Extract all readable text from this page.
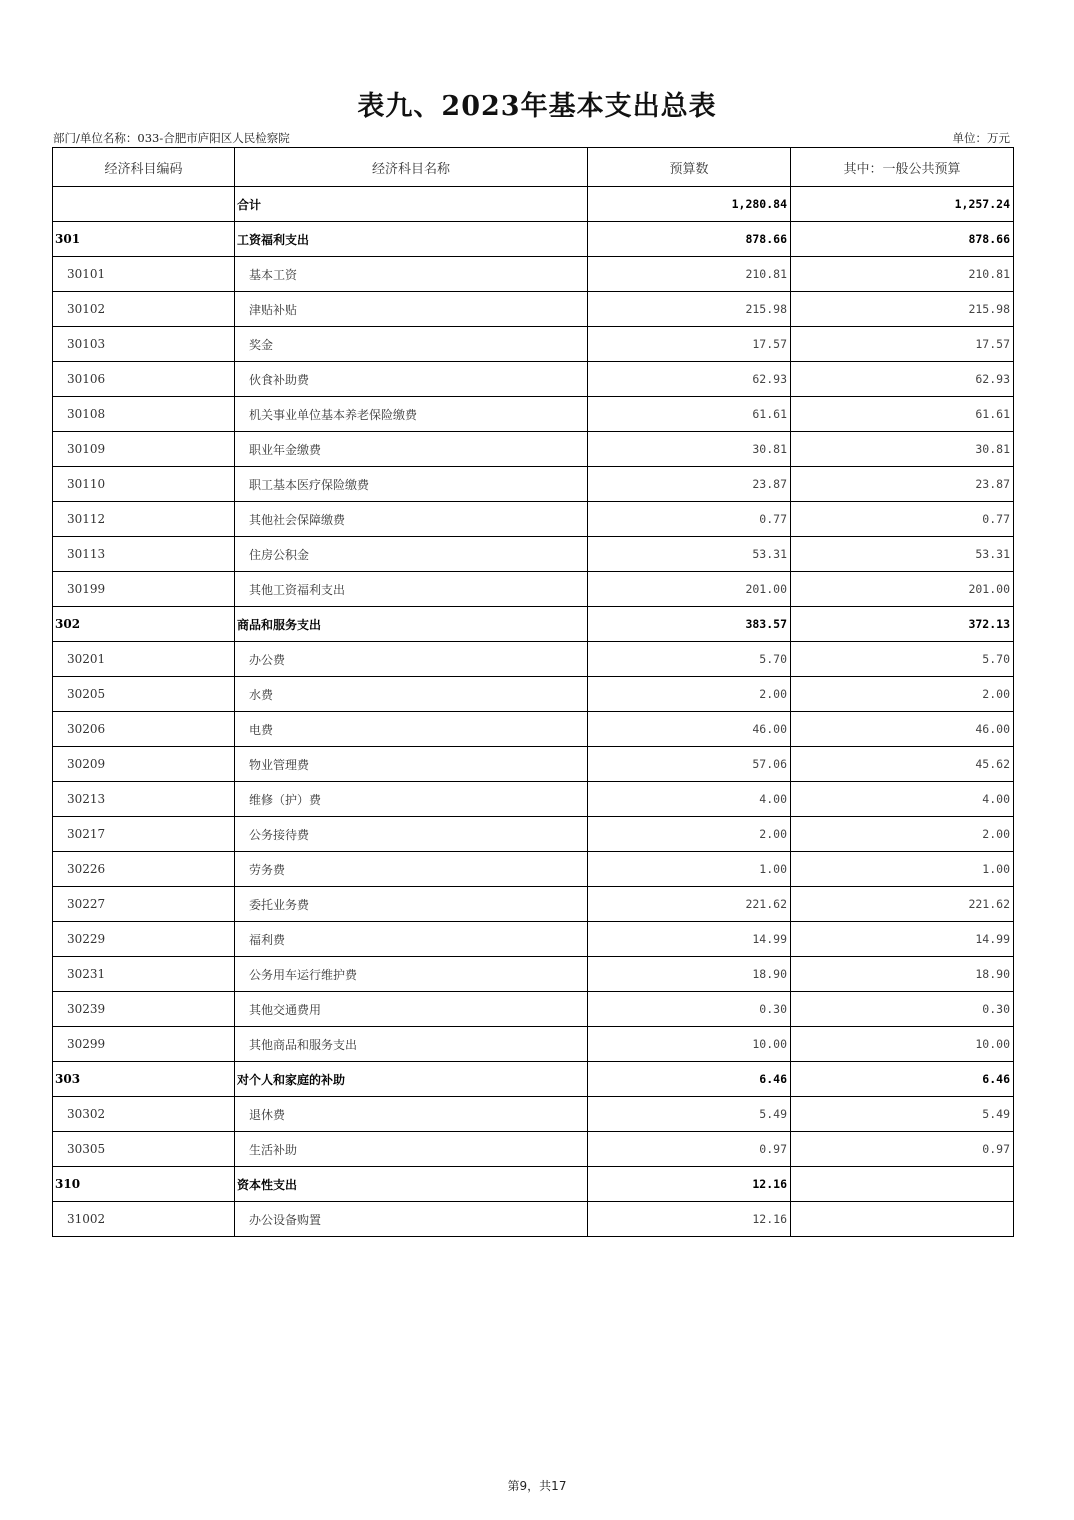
表九、2023年基本支出总表
部门/单位名称：033-合肥市庐阳区人民检察院	单位：万元
经济科目编码	经济科目名称	预算数	其中：一般公共预算
	合计	1,280.84	1,257.24
301	工资福利支出	878.66	878.66
30101	基本工资	210.81	210.81
30102	津贴补贴	215.98	215.98
30103	奖金	17.57	17.57
30106	伙食补助费	62.93	62.93
30108	机关事业单位基本养老保险缴费	61.61	61.61
30109	职业年金缴费	30.81	30.81
30110	职工基本医疗保险缴费	23.87	23.87
30112	其他社会保障缴费	0.77	0.77
30113	住房公积金	53.31	53.31
30199	其他工资福利支出	201.00	201.00
302	商品和服务支出	383.57	372.13
30201	办公费	5.70	5.70
30205	水费	2.00	2.00
30206	电费	46.00	46.00
30209	物业管理费	57.06	45.62
30213	维修（护）费	4.00	4.00
30217	公务接待费	2.00	2.00
30226	劳务费	1.00	1.00
30227	委托业务费	221.62	221.62
30229	福利费	14.99	14.99
30231	公务用车运行维护费	18.90	18.90
30239	其他交通费用	0.30	0.30
30299	其他商品和服务支出	10.00	10.00
303	对个人和家庭的补助	6.46	6.46
30302	退休费	5.49	5.49
30305	生活补助	0.97	0.97
310	资本性支出	12.16	
31002	办公设备购置	12.16	
第9，共17
